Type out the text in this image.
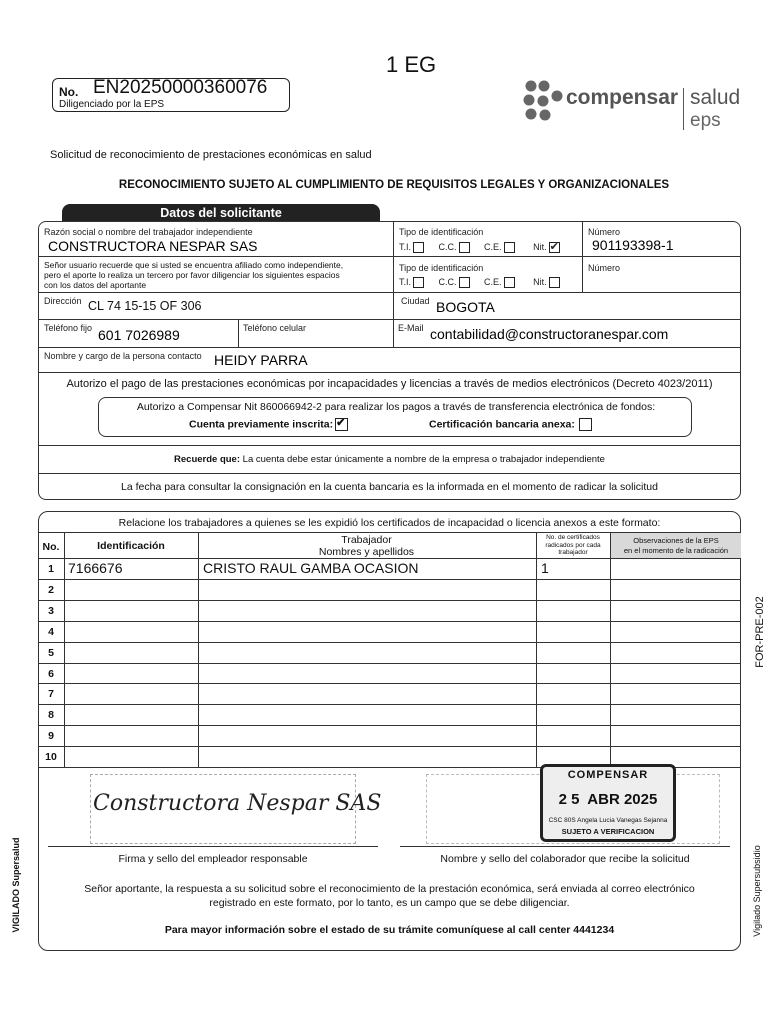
1 EG
No. EN20250000360076
Diligenciado por la EPS	compensar salud
eps
Solicitud de reconocimiento de prestaciones económicas en salud
RECONOCIMIENTO SUJETO AL CUMPLIMIENTO DE REQUISITOS LEGALES Y ORGANIZACIONALES
Datos del solicitante
Razón social o nombre del trabajador independiente
CONSTRUCTORA NESPAR SAS
Tipo de identificación
T.I.	C.C.	C.E.	Nit.✔
Número
901193398-1
Señor usuario recuerde que si usted se encuentra afiliado como independiente,
pero el aporte lo realiza un tercero por favor diligenciar los siguientes espacios
con los datos del aportante
Tipo de identificación
T.I.	C.C.	C.E.	Nit.
Número
Dirección CL 74 15-15 OF 306	Ciudad BOGOTA
Teléfono fijo 601 7026989	Teléfono celular	E-Mail contabilidad@constructoranespar.com
Nombre y cargo de la persona contacto HEIDY PARRA
Autorizo el pago de las prestaciones económicas por incapacidades y licencias a través de medios electrónicos (Decreto 4023/2011)
Autorizo a Compensar Nit 860066942-2 para realizar los pagos a través de transferencia electrónica de fondos:
Cuenta previamente inscrita:✔	Certificación bancaria anexa:
Recuerde que: La cuenta debe estar únicamente a nombre de la empresa o trabajador independiente
La fecha para consultar la consignación en la cuenta bancaria es la informada en el momento de radicar la solicitud
Relacione los trabajadores a quienes se les expidió los certificados de incapacidad o licencia anexos a este formato:
No.	Identificación	Trabajador
Nombres y apellidos
No. de certificados
radicados por cada
trabajador
Observaciones de la EPS
en el momento de la radicación
1	7166676	CRISTO RAUL GAMBA OCASION	1
2
3
4
5
6
7
8
9
10
Constructora Nespar SAS
COMPENSAR
2 5  ABR 2025
CSC 80S Angela Lucia Vanegas Sejanna
SUJETO A VERIFICACION
Firma y sello del empleador responsable	Nombre y sello del colaborador que recibe la solicitud
Señor aportante, la respuesta a su solicitud sobre el reconocimiento de la prestación económica, será enviada al correo electrónico
registrado en este formato, por lo tanto, es un campo que se debe diligenciar.
Para mayor información sobre el estado de su trámite comuníquese al call center 4441234
FOR-PRE-002
VIGILADO Supersalud	Vigilado Supersubsidio
